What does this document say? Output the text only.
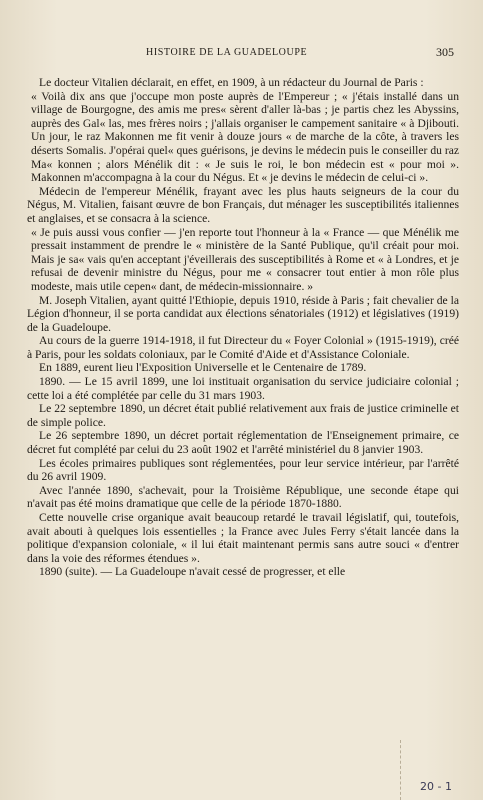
HISTOIRE DE LA GUADELOUPE	305

Le docteur Vitalien déclarait, en effet, en 1909, à un rédacteur du Journal de Paris :

« Voilà dix ans que j'occupe mon poste auprès de l'Empereur ; « j'étais installé dans un village de Bourgogne, des amis me pres« sèrent d'aller là-bas ; je partis chez les Abyssins, auprès des Gal« las, mes frères noirs ; j'allais organiser le campement sanitaire « à Djibouti. Un jour, le raz Makonnen me fit venir à douze jours « de marche de la côte, à travers les déserts Somalis. J'opérai quel« ques guérisons, je devins le médecin puis le conseiller du raz Ma« konnen ; alors Ménélik dit : « Je suis le roi, le bon médecin est « pour moi ». Makonnen m'accompagna à la cour du Négus. Et « je devins le médecin de celui-ci ».

Médecin de l'empereur Ménélik, frayant avec les plus hauts seigneurs de la cour du Négus, M. Vitalien, faisant œuvre de bon Français, dut ménager les susceptibilités italiennes et anglaises, et se consacra à la science.

« Je puis aussi vous confier — j'en reporte tout l'honneur à la « France — que Ménélik me pressait instamment de prendre le « ministère de la Santé Publique, qu'il créait pour moi. Mais je sa« vais qu'en acceptant j'éveillerais des susceptibilités à Rome et « à Londres, et je refusai de devenir ministre du Négus, pour me « consacrer tout entier à mon rôle plus modeste, mais utile cepen« dant, de médecin-missionnaire. »

M. Joseph Vitalien, ayant quitté l'Ethiopie, depuis 1910, réside à Paris ; fait chevalier de la Légion d'honneur, il se porta candidat aux élections sénatoriales (1912) et législatives (1919) de la Guadeloupe.

Au cours de la guerre 1914-1918, il fut Directeur du « Foyer Colonial » (1915-1919), créé à Paris, pour les soldats coloniaux, par le Comité d'Aide et d'Assistance Coloniale.

En 1889, eurent lieu l'Exposition Universelle et le Centenaire de 1789.

1890. — Le 15 avril 1899, une loi instituait organisation du service judiciaire colonial ; cette loi a été complétée par celle du 31 mars 1903.

Le 22 septembre 1890, un décret était publié relativement aux frais de justice criminelle et de simple police.

Le 26 septembre 1890, un décret portait réglementation de l'Enseignement primaire, ce décret fut complété par celui du 23 août 1902 et l'arrêté ministériel du 8 janvier 1903.

Les écoles primaires publiques sont réglementées, pour leur service intérieur, par l'arrêté du 26 avril 1909.

Avec l'année 1890, s'achevait, pour la Troisième République, une seconde étape qui n'avait pas été moins dramatique que celle de la période 1870-1880.

Cette nouvelle crise organique avait beaucoup retardé le travail législatif, qui, toutefois, avait abouti à quelques lois essentielles ; la France avec Jules Ferry s'était lancée dans la politique d'expansion coloniale, « il lui était maintenant permis sans autre souci « d'entrer dans la voie des réformes étendues ».

1890 (suite). — La Guadeloupe n'avait cessé de progresser, et elle

20 - 1
